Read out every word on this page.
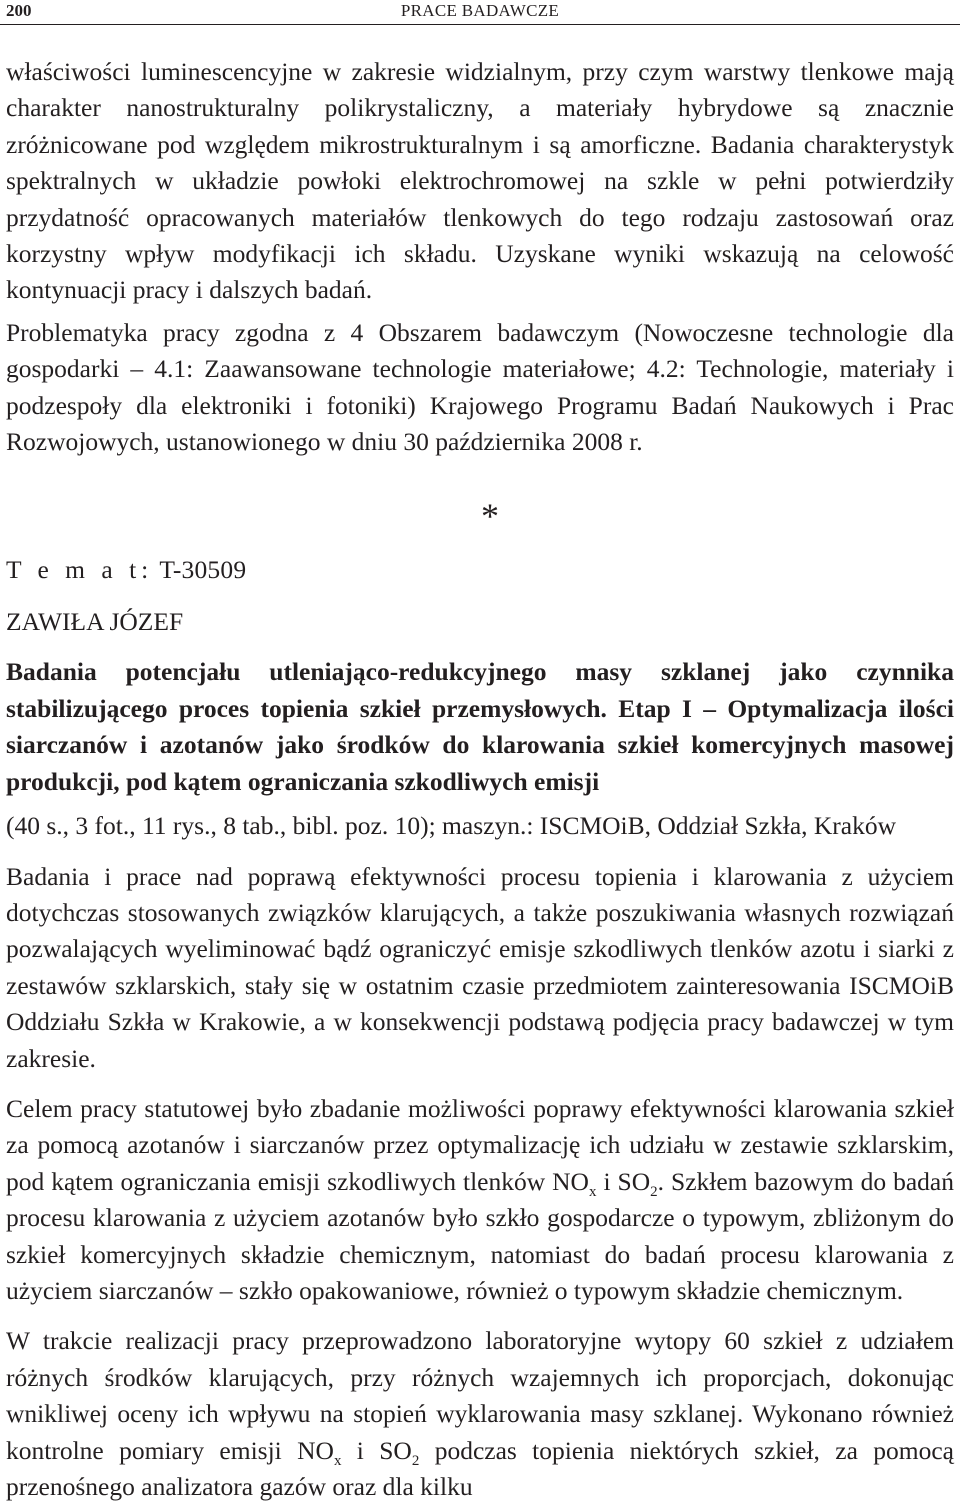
200	PRACE BADAWCZE

właściwości luminescencyjne w zakresie widzialnym, przy czym warstwy tlenkowe mają charakter nanostrukturalny polikrystaliczny, a materiały hybrydowe są znacznie zróżnicowane pod względem mikrostrukturalnym i są amorficzne. Badania charakterystyk spektralnych w układzie powłoki elektrochromowej na szkle w pełni potwierdziły przydatność opracowanych materiałów tlenkowych do tego rodzaju zastosowań oraz korzystny wpływ modyfikacji ich składu. Uzyskane wyniki wskazują na celowość kontynuacji pracy i dalszych badań.

Problematyka pracy zgodna z 4 Obszarem badawczym (Nowoczesne technologie dla gospodarki – 4.1: Zaawansowane technologie materiałowe; 4.2: Technologie, materiały i podzespoły dla elektroniki i fotoniki) Krajowego Programu Badań Naukowych i Prac Rozwojowych, ustanowionego w dniu 30 października 2008 r.

*
T e m a t: T-30509
ZAWIŁA JÓZEF

Badania potencjału utleniająco-redukcyjnego masy szklanej jako czynnika stabilizującego proces topienia szkieł przemysłowych. Etap I – Optymalizacja ilości siarczanów i azotanów jako środków do klarowania szkieł komercyjnych masowej produkcji, pod kątem ograniczania szkodliwych emisji

(40 s., 3 fot., 11 rys., 8 tab., bibl. poz. 10); maszyn.: ISCMOiB, Oddział Szkła, Kraków

Badania i prace nad poprawą efektywności procesu topienia i klarowania z użyciem dotychczas stosowanych związków klarujących, a także poszukiwania własnych rozwiązań pozwalających wyeliminować bądź ograniczyć emisje szkodliwych tlenków azotu i siarki z zestawów szklarskich, stały się w ostatnim czasie przedmiotem zainteresowania ISCMOiB Oddziału Szkła w Krakowie, a w konsekwencji podstawą podjęcia pracy badawczej w tym zakresie.

Celem pracy statutowej było zbadanie możliwości poprawy efektywności klarowania szkieł za pomocą azotanów i siarczanów przez optymalizację ich udziału w zestawie szklarskim, pod kątem ograniczania emisji szkodliwych tlenków $NO_x$ i $SO_2$. Szkłem bazowym do badań procesu klarowania z użyciem azotanów było szkło gospodarcze o typowym, zbliżonym do szkieł komercyjnych składzie chemicznym, natomiast do badań procesu klarowania z użyciem siarczanów – szkło opakowaniowe, również o typowym składzie chemicznym.

W trakcie realizacji pracy przeprowadzono laboratoryjne wytopy 60 szkieł z udziałem różnych środków klarujących, przy różnych wzajemnych ich proporcjach, dokonując wnikliwej oceny ich wpływu na stopień wyklarowania masy szklanej. Wykonano również kontrolne pomiary emisji $NO_x$ i $SO_2$ podczas topienia niektórych szkieł, za pomocą przenośnego analizatora gazów oraz dla kilku
